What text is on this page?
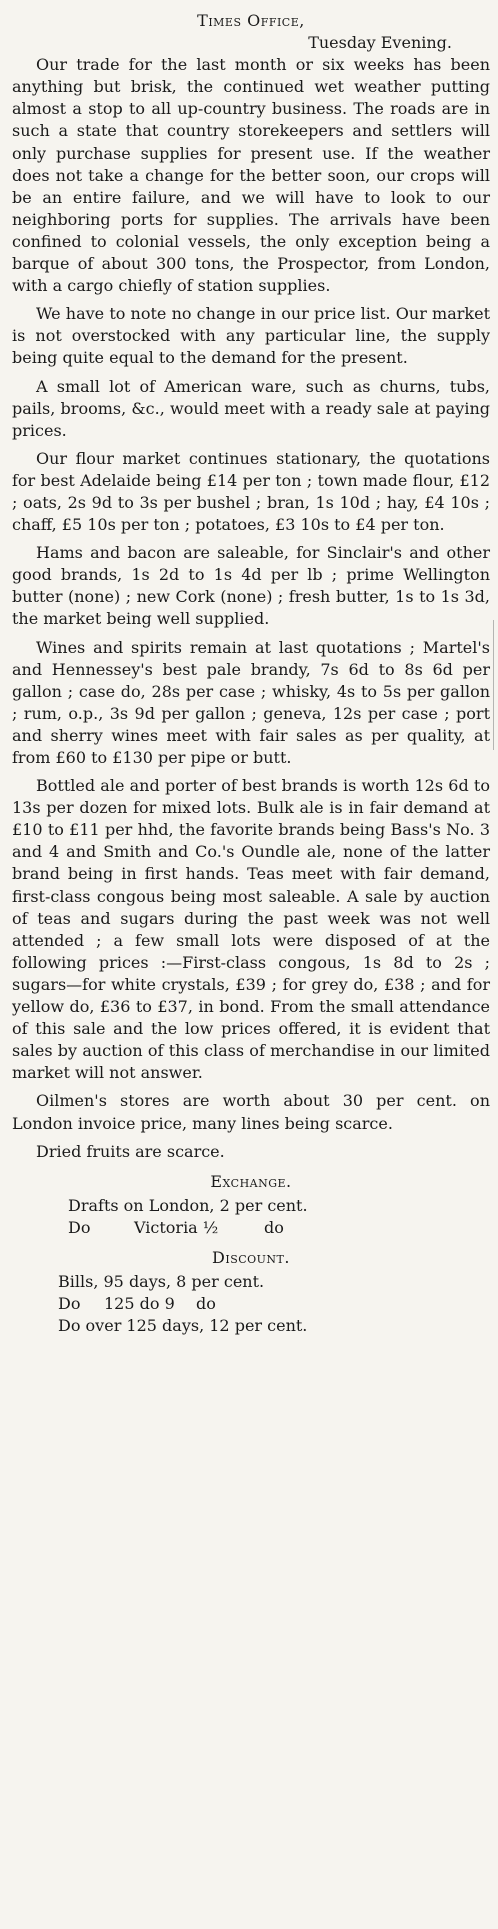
Times Office,
Tuesday Evening.

Our trade for the last month or six weeks has been anything but brisk, the continued wet weather putting almost a stop to all up-country business. The roads are in such a state that country storekeepers and settlers will only purchase supplies for present use. If the weather does not take a change for the better soon, our crops will be an entire failure, and we will have to look to our neighboring ports for supplies. The arrivals have been confined to colonial vessels, the only exception being a barque of about 300 tons, the Prospector, from London, with a cargo chiefly of station supplies.

We have to note no change in our price list. Our market is not overstocked with any particular line, the supply being quite equal to the demand for the present.

A small lot of American ware, such as churns, tubs, pails, brooms, &c., would meet with a ready sale at paying prices.

Our flour market continues stationary, the quotations for best Adelaide being £14 per ton ; town made flour, £12 ; oats, 2s 9d to 3s per bushel ; bran, 1s 10d ; hay, £4 10s ; chaff, £5 10s per ton ; potatoes, £3 10s to £4 per ton.

Hams and bacon are saleable, for Sinclair's and other good brands, 1s 2d to 1s 4d per lb ; prime Wellington butter (none) ; new Cork (none) ; fresh butter, 1s to 1s 3d, the market being well supplied.

Wines and spirits remain at last quotations ; Martel's and Hennessey's best pale brandy, 7s 6d to 8s 6d per gallon ; case do, 28s per case ; whisky, 4s to 5s per gallon ; rum, o.p., 3s 9d per gallon ; geneva, 12s per case ; port and sherry wines meet with fair sales as per quality, at from £60 to £130 per pipe or butt.

Bottled ale and porter of best brands is worth 12s 6d to 13s per dozen for mixed lots. Bulk ale is in fair demand at £10 to £11 per hhd, the favorite brands being Bass's No. 3 and 4 and Smith and Co.'s Oundle ale, none of the latter brand being in first hands. Teas meet with fair demand, first-class congous being most saleable. A sale by auction of teas and sugars during the past week was not well attended ; a few small lots were disposed of at the following prices :—First-class congous, 1s 8d to 2s ; sugars—for white crystals, £39 ; for grey do, £38 ; and for yellow do, £36 to £37, in bond. From the small attendance of this sale and the low prices offered, it is evident that sales by auction of this class of merchandise in our limited market will not answer.

Oilmen's stores are worth about 30 per cent. on London invoice price, many lines being scarce.

Dried fruits are scarce.

Exchange.
Drafts on London, 2 per cent.
Do	Victoria ½	do
Discount.
Bills, 95 days, 8 per cent.
Do	125 do 9	do
Do over 125 days, 12 per cent.
